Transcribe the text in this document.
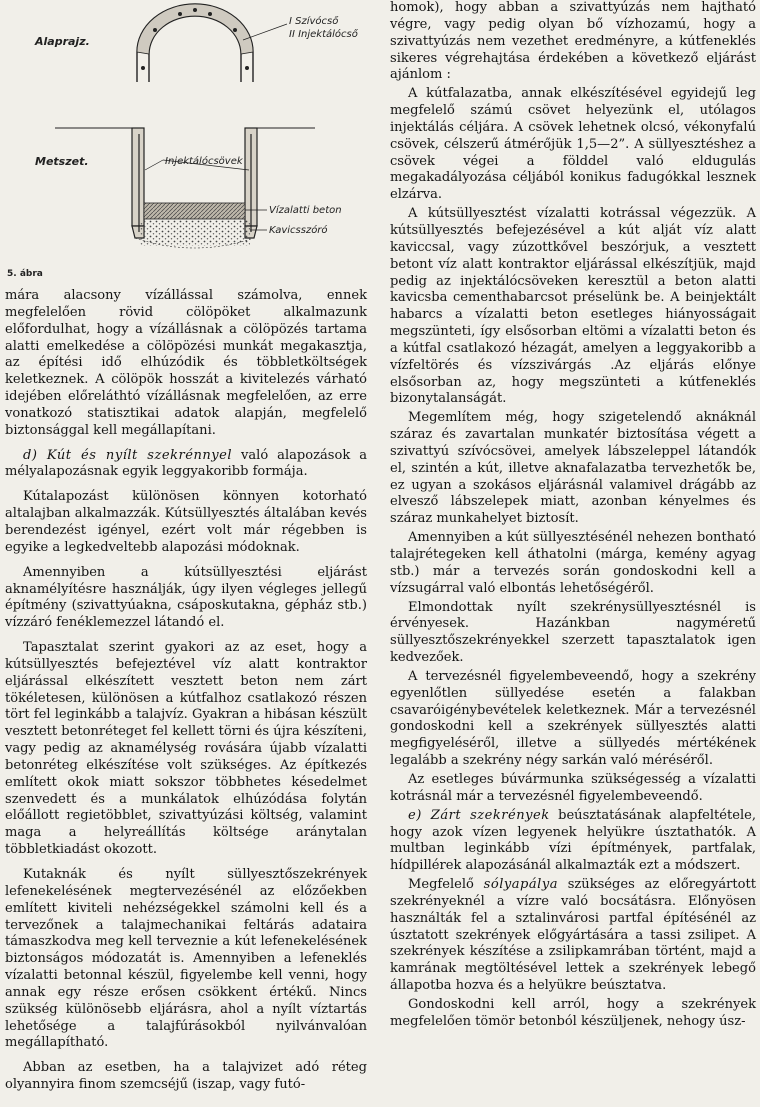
Alaprajz.
Metszet.
I Szívócső
II Injektálócső
Injektálócsövek
Vízalatti beton
Kavicsszóró
5. ábra

mára alacsony vízállással számolva, ennek megfelelően rövid cölöpöket alkalmazunk előfordulhat, hogy a vízállásnak a cölöpözés tartama alatti emelkedése a cölöpözési munkát megakasztja, az építési idő elhúzódik és többletköltségek keletkeznek. A cölöpök hosszát a kivitelezés várható idejében előreláthtó vízállásnak megfelelően, az erre vonatkozó statisztikai adatok alapján, megfelelő biztonsággal kell megállapítani.

d) Kút és nyílt szekrénnyel való alapozások a mélyalapozásnak egyik leggyakoribb formája.

Kútalapozást különösen könnyen kotorható altalajban alkalmazzák. Kútsüllyesztés általában kevés berendezést igényel, ezért volt már régebben is egyike a legkedveltebb alapozási módoknak.

Amennyiben a kútsüllyesztési eljárást aknamélyítésre használják, úgy ilyen végleges jellegű építmény (szivattyúakna, csáposkutakna, gépház stb.) vízzáró fenéklemezzel látandó el.

Tapasztalat szerint gyakori az az eset, hogy a kútsüllyesztés befejeztével víz alatt kontraktor eljárással elkészített vesztett beton nem zárt tökéletesen, különösen a kútfalhoz csatlakozó részen tört fel leginkább a talajvíz. Gyakran a hibásan készült vesztett betonréteget fel kellett törni és újra készíteni, vagy pedig az aknamélység rovására újabb vízalatti betonréteg elkészítése volt szükséges. Az építkezés említett okok miatt sokszor többhetes késedelmet szenvedett és a munkálatok elhúzódása folytán előállott regietöbblet, szivattyúzási költség, valamint maga a helyreállítás költsége aránytalan többletkiadást okozott.

Kutaknák és nyílt süllyesztőszekrények lefenekelésének megtervezésénél az előzőekben említett kiviteli nehézségekkel számolni kell és a tervezőnek a talajmechanikai feltárás adataira támaszkodva meg kell terveznie a kút lefenekelésének biztonságos módozatát is. Amennyiben a lefeneklés vízalatti betonnal készül, figyelembe kell venni, hogy annak egy része erősen csökkent értékű. Nincs szükség különösebb eljárásra, ahol a nyílt víztartás lehetősége a talajfúrásokból nyilvánvalóan megállapítható.

Abban az esetben, ha a talajvizet adó réteg olyannyira finom szemcséjű (iszap, vagy futó-

homok), hogy abban a szivattyúzás nem hajtható végre, vagy pedig olyan bő vízhozamú, hogy a szivattyúzás nem vezethet eredményre, a kútfeneklés sikeres végrehajtása érdekében a következő eljárást ajánlom :

A kútfalazatba, annak elkészítésével egyidejű leg megfelelő számú csövet helyezünk el, utólagos injektálás céljára. A csövek lehetnek olcsó, vékonyfalú csövek, célszerű átmérőjük 1,5—2”. A süllyesztéshez a csövek végei a földdel való eldugulás megakadályozása céljából konikus fadugókkal lesznek elzárva.

A kútsüllyesztést vízalatti kotrással végezzük. A kútsüllyesztés befejezésével a kút alját víz alatt kaviccsal, vagy zúzottkővel beszórjuk, a vesztett betont víz alatt kontraktor eljárással elkészítjük, majd pedig az injektálócsöveken keresztül a beton alatti kavicsba cementhabarcsot préselünk be. A beinjektált habarcs a vízalatti beton esetleges hiányosságait megszünteti, így elsősorban eltömi a vízalatti beton és a kútfal csatlakozó hézagát, amelyen a leggyakoribb a vízfeltörés és vízszivárgás .Az eljárás előnye elsősorban az, hogy megszünteti a kútfeneklés bizonytalanságát.

Megemlítem még, hogy szigetelendő aknáknál száraz és zavartalan munkatér biztosítása végett a szivattyú szívócsövei, amelyek lábszeleppel látandók el, szintén a kút, illetve aknafalazatba tervezhetők be, ez ugyan a szokásos eljárásnál valamivel drágább az elvesző lábszelepek miatt, azonban kényelmes és száraz munkahelyet biztosít.

Amennyiben a kút süllyesztésénél nehezen bontható talajrétegeken kell áthatolni (márga, kemény agyag stb.) már a tervezés során gondoskodni kell a vízsugárral való elbontás lehetőségéről.

Elmondottak nyílt szekrénysüllyesztésnél is érvényesek. Hazánkban nagyméretű süllyesztőszekrényekkel szerzett tapasztalatok igen kedvezőek.

A tervezésnél figyelembeveendő, hogy a szekrény egyenlőtlen süllyedése esetén a falakban csavaróigénybevételek keletkeznek. Már a tervezésnél gondoskodni kell a szekrények süllyesztés alatti megfigyeléséről, illetve a süllyedés mértékének legalább a szekrény négy sarkán való méréséről.

Az esetleges búvármunka szükségesség a vízalatti kotrásnál már a tervezésnél figyelembeveendő.

e) Zárt szekrények beúsztatásának alapfeltétele, hogy azok vízen legyenek helyükre úsztathatók. A multban leginkább vízi építmények, partfalak, hídpillérek alapozásánál alkalmazták ezt a módszert.

Megfelelő sólyapálya szükséges az előregyártott szekrényeknél a vízre való bocsátásra. Előnyösen használták fel a sztalinvárosi partfal építésénél az úsztatott szekrények előgyártására a tassi zsilipet. A szekrények készítése a zsilipkamrában történt, majd a kamrának megtöltésével lettek a szekrények lebegő állapotba hozva és a helyükre beúsztatva.

Gondoskodni kell arról, hogy a szekrények megfelelően tömör betonból készüljenek, nehogy úsz-
